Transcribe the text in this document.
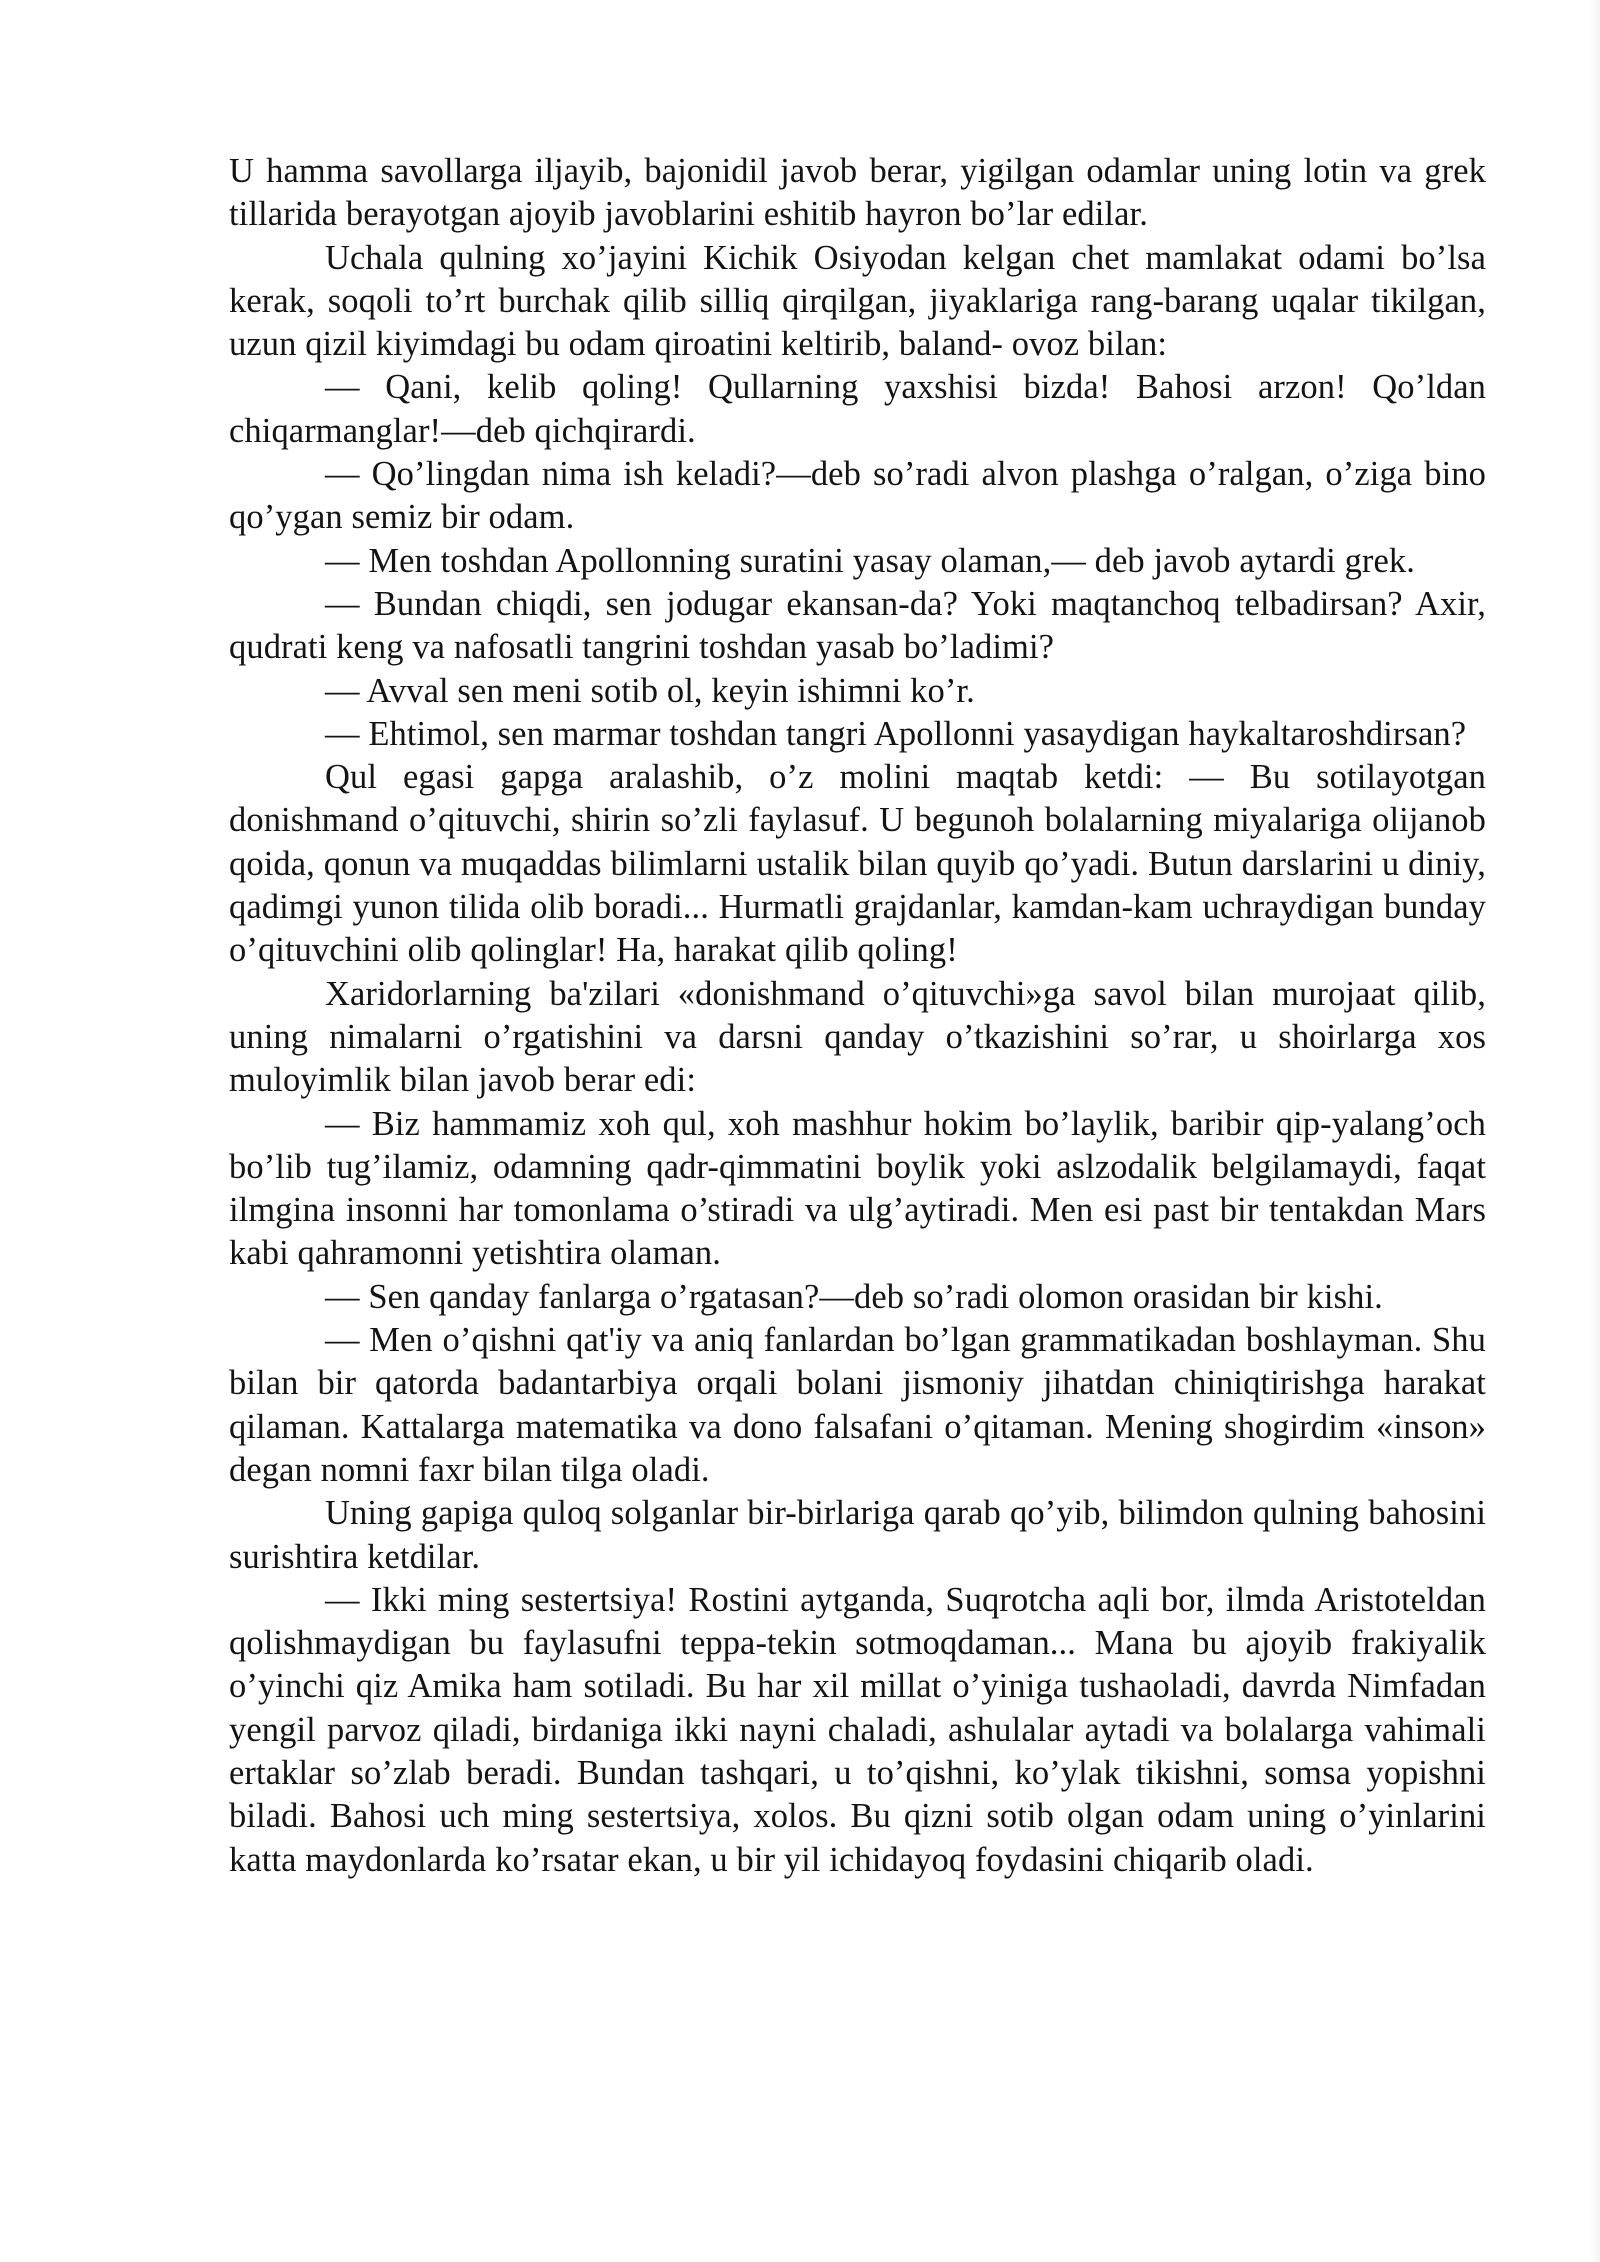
U hamma savollarga iljayib, bajonidil javob berar, yigilgan odamlar uning lotin va grek tillarida berayotgan ajoyib javoblarini eshitib hayron bo’lar edilar.

Uchala qulning xo’jayini Kichik Osiyodan kelgan chet mamlakat odami bo’lsa kerak, soqoli to’rt burchak qilib silliq qirqilgan, jiyaklariga rang-barang uqalar tikilgan, uzun qizil kiyimdagi bu odam qiroatini keltirib, baland- ovoz bilan:

— Qani, kelib qoling! Qullarning yaxshisi bizda! Bahosi arzon! Qo’ldan chiqarmanglar!—deb qichqirardi.

— Qo’lingdan nima ish keladi?—deb so’radi alvon plashga o’ralgan, o’ziga bino qo’ygan semiz bir odam.

— Men toshdan Apollonning suratini yasay olaman,— deb javob aytardi grek.

— Bundan chiqdi, sen jodugar ekansan-da? Yoki maqtanchoq telbadirsan? Axir, qudrati keng va nafosatli tangrini toshdan yasab bo’ladimi?

— Avval sen meni sotib ol, keyin ishimni ko’r.

— Ehtimol, sen marmar toshdan tangri Apollonni yasaydigan haykaltaroshdirsan?

Qul egasi gapga aralashib, o’z molini maqtab ketdi: — Bu sotilayotgan donishmand o’qituvchi, shirin so’zli faylasuf. U begunoh bolalarning miyalariga olijanob qoida, qonun va muqaddas bilimlarni ustalik bilan quyib qo’yadi. Butun darslarini u diniy, qadimgi yunon tilida olib boradi... Hurmatli grajdanlar, kamdan-kam uchraydigan bunday o’qituvchini olib qolinglar! Ha, harakat qilib qoling!

Xaridorlarning ba'zilari «donishmand o’qituvchi»ga savol bilan murojaat qilib, uning nimalarni o’rgatishini va darsni qanday o’tkazishini so’rar, u shoirlarga xos muloyimlik bilan javob berar edi:

— Biz hammamiz xoh qul, xoh mashhur hokim bo’laylik, baribir qip-yalang’och bo’lib tug’ilamiz, odamning qadr-qimmatini boylik yoki aslzodalik belgilamaydi, faqat ilmgina insonni har tomonlama o’stiradi va ulg’aytiradi. Men esi past bir tentakdan Mars kabi qahramonni yetishtira olaman.

— Sen qanday fanlarga o’rgatasan?—deb so’radi olomon orasidan bir kishi.

— Men o’qishni qat'iy va aniq fanlardan bo’lgan grammatikadan boshlayman. Shu bilan bir qatorda badantarbiya orqali bolani jismoniy jihatdan chiniqtirishga harakat qilaman. Kattalarga matematika va dono falsafani o’qitaman. Mening shogirdim «inson» degan nomni faxr bilan tilga oladi.

Uning gapiga quloq solganlar bir-birlariga qarab qo’yib, bilimdon qulning bahosini surishtira ketdilar.

— Ikki ming sestertsiya! Rostini aytganda, Suqrotcha aqli bor, ilmda Aristoteldan qolishmaydigan bu faylasufni teppa-tekin sotmoqdaman... Mana bu ajoyib frakiyalik o’yinchi qiz Amika ham sotiladi. Bu har xil millat o’yiniga tushaoladi, davrda Nimfadan yengil parvoz qiladi, birdaniga ikki nayni chaladi, ashulalar aytadi va bolalarga vahimali ertaklar so’zlab beradi. Bundan tashqari, u to’qishni, ko’ylak tikishni, somsa yopishni biladi. Bahosi uch ming sestertsiya, xolos. Bu qizni sotib olgan odam uning o’yinlarini katta maydonlarda ko’rsatar ekan, u bir yil ichidayoq foydasini chiqarib oladi.
